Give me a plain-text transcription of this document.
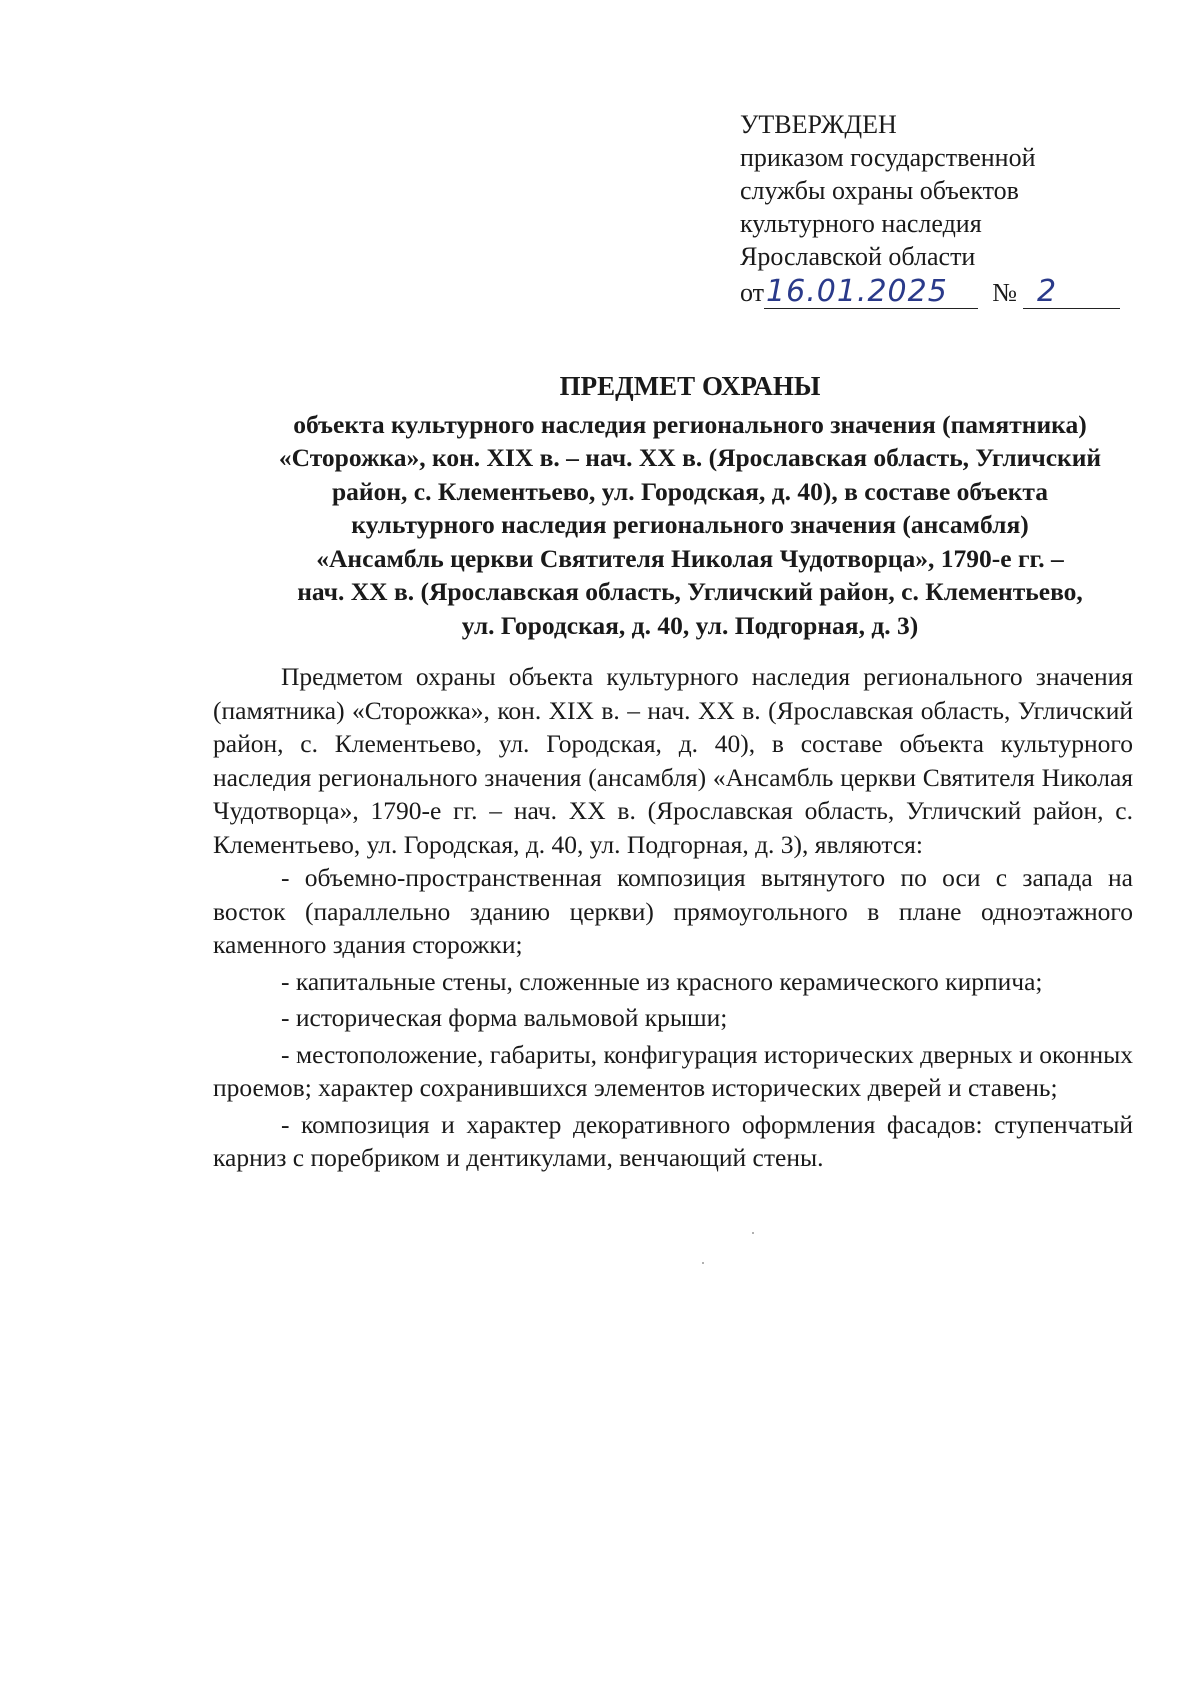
УТВЕРЖДЕН
приказом государственной
службы охраны объектов
культурного наследия
Ярославской области
от 16.01.2025	№ 2
ПРЕДМЕТ ОХРАНЫ
объекта культурного наследия регионального значения (памятника)
«Сторожка», кон. XIX в. – нач. XX в. (Ярославская область, Угличский
район, с. Клементьево, ул. Городская, д. 40), в составе объекта
культурного наследия регионального значения (ансамбля)
«Ансамбль церкви Святителя Николая Чудотворца», 1790-е гг. –
нач. XX в. (Ярославская область, Угличский район, с. Клементьево,
ул. Городская, д. 40, ул. Подгорная, д. 3)

Предметом охраны объекта культурного наследия регионального значения (памятника) «Сторожка», кон. XIX в. – нач. XX в. (Ярославская область, Угличский район, с. Клементьево, ул. Городская, д. 40), в составе объекта культурного наследия регионального значения (ансамбля) «Ансамбль церкви Святителя Николая Чудотворца», 1790-е гг. – нач. XX в. (Ярославская область, Угличский район, с. Клементьево, ул. Городская, д. 40, ул. Подгорная, д. 3), являются:

- объемно-пространственная композиция вытянутого по оси с запада на восток (параллельно зданию церкви) прямоугольного в плане одноэтажного каменного здания сторожки;

- капитальные стены, сложенные из красного керамического кирпича;

- историческая форма вальмовой крыши;

- местоположение, габариты, конфигурация исторических дверных и оконных проемов; характер сохранившихся элементов исторических дверей и ставень;

- композиция и характер декоративного оформления фасадов: ступенчатый карниз с поребриком и дентикулами, венчающий стены.
